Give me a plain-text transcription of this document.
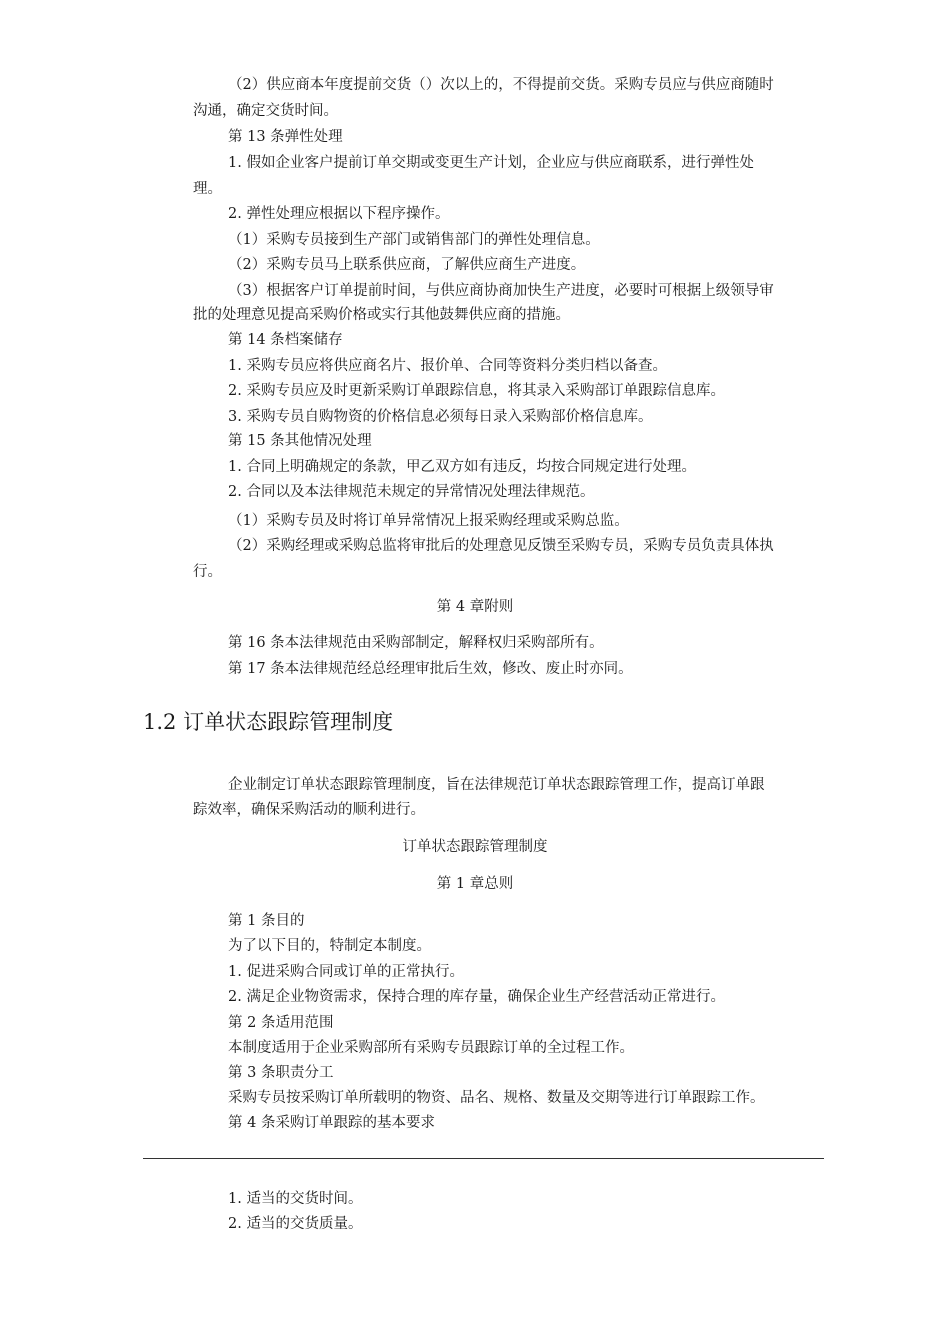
（2）供应商本年度提前交货（）次以上的，不得提前交货。采购专员应与供应商随时
沟通，确定交货时间。
第 13 条弹性处理
1. 假如企业客户提前订单交期或变更生产计划，企业应与供应商联系，进行弹性处
理。
2. 弹性处理应根据以下程序操作。
（1）采购专员接到生产部门或销售部门的弹性处理信息。
（2）采购专员马上联系供应商，了解供应商生产进度。
（3）根据客户订单提前时间，与供应商协商加快生产进度，必要时可根据上级领导审
批的处理意见提高采购价格或实行其他鼓舞供应商的措施。
第 14 条档案储存
1. 采购专员应将供应商名片、报价单、合同等资料分类归档以备查。
2. 采购专员应及时更新采购订单跟踪信息，将其录入采购部订单跟踪信息库。
3. 采购专员自购物资的价格信息必须每日录入采购部价格信息库。
第 15 条其他情况处理
1. 合同上明确规定的条款，甲乙双方如有违反，均按合同规定进行处理。
2. 合同以及本法律规范未规定的异常情况处理法律规范。
（1）采购专员及时将订单异常情况上报采购经理或采购总监。
（2）采购经理或采购总监将审批后的处理意见反馈至采购专员，采购专员负责具体执
行。
第 4 章附则
第 16 条本法律规范由采购部制定，解释权归采购部所有。
第 17 条本法律规范经总经理审批后生效，修改、废止时亦同。
1.2 订单状态跟踪管理制度
企业制定订单状态跟踪管理制度，旨在法律规范订单状态跟踪管理工作，提高订单跟
踪效率，确保采购活动的顺利进行。
订单状态跟踪管理制度
第 1 章总则
第 1 条目的
为了以下目的，特制定本制度。
1. 促进采购合同或订单的正常执行。
2. 满足企业物资需求，保持合理的库存量，确保企业生产经营活动正常进行。
第 2 条适用范围
本制度适用于企业采购部所有采购专员跟踪订单的全过程工作。
第 3 条职责分工
采购专员按采购订单所载明的物资、品名、规格、数量及交期等进行订单跟踪工作。
第 4 条采购订单跟踪的基本要求
1. 适当的交货时间。
2. 适当的交货质量。
